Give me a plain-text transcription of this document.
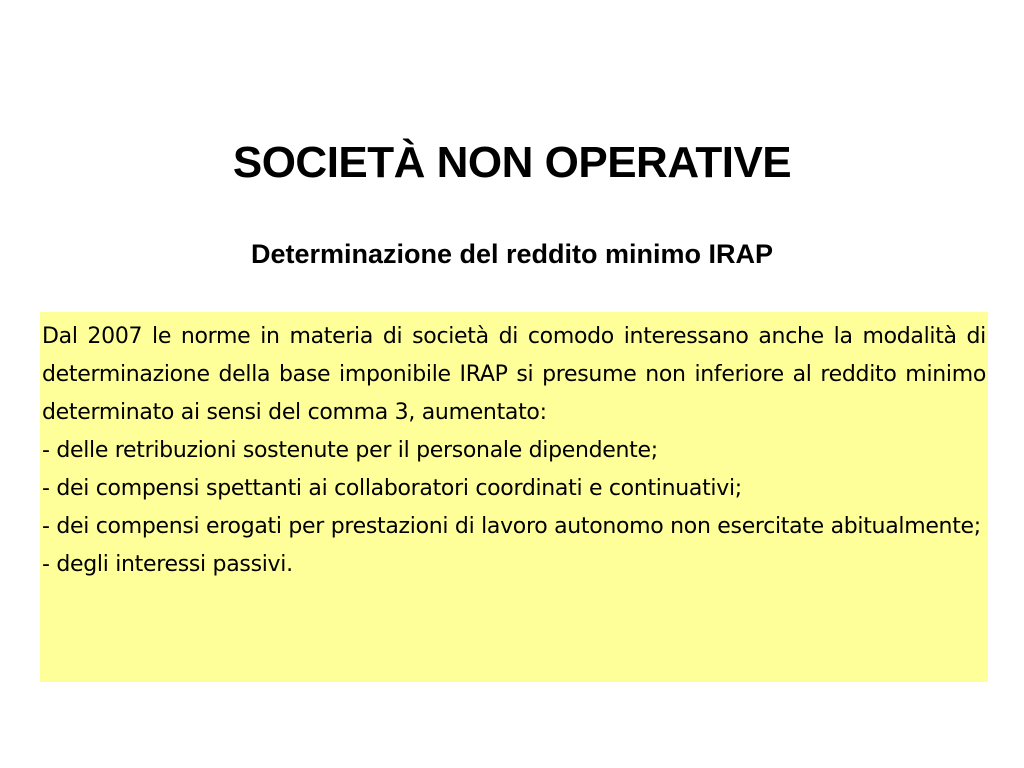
SOCIETÀ NON OPERATIVE
Determinazione del reddito minimo IRAP

Dal 2007 le norme in materia di società di comodo interessano anche la modalità di determinazione della base imponibile IRAP si presume non inferiore al reddito minimo determinato ai sensi del comma 3, aumentato:

- delle retribuzioni sostenute per il personale dipendente;
- dei compensi spettanti ai collaboratori coordinati e continuativi;
- dei compensi erogati per prestazioni di lavoro autonomo non esercitate abitualmente;
- degli interessi passivi.
